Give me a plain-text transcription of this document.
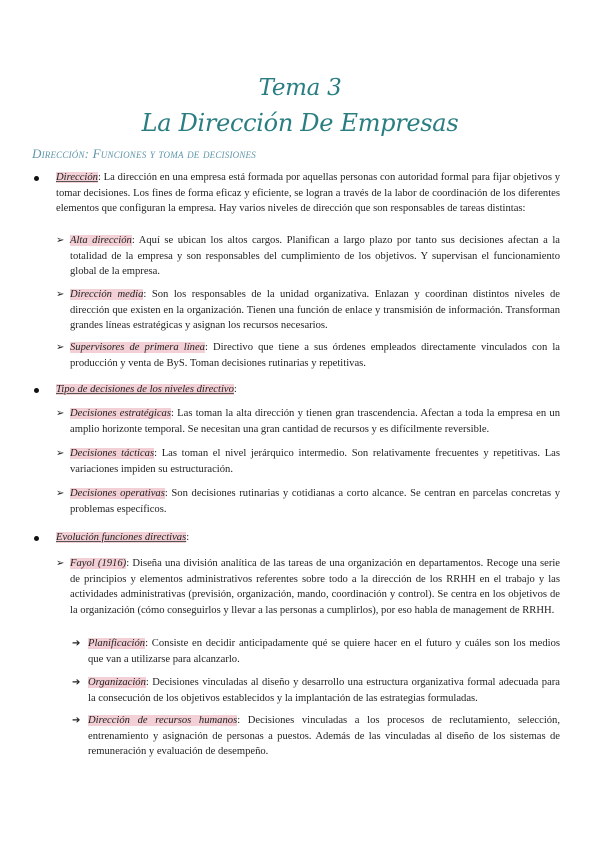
Tema 3
La Dirección De Empresas
Dirección: Funciones y toma de decisiones

Dirección: La dirección en una empresa está formada por aquellas personas con autoridad formal para fijar objetivos y tomar decisiones. Los fines de forma eficaz y eficiente, se logran a través de la labor de coordinación de los diferentes elementos que configuran la empresa. Hay varios niveles de dirección que son responsables de tareas distintas:

➢ Alta dirección: Aquí se ubican los altos cargos. Planifican a largo plazo por tanto sus decisiones afectan a la totalidad de la empresa y son responsables del cumplimiento de los objetivos. Y supervisan el funcionamiento global de la empresa.

➢ Dirección media: Son los responsables de la unidad organizativa. Enlazan y coordinan distintos niveles de dirección que existen en la organización. Tienen una función de enlace y transmisión de información. Transforman grandes líneas estratégicas y asignan los recursos necesarios.

➢ Supervisores de primera línea: Directivo que tiene a sus órdenes empleados directamente vinculados con la producción y venta de ByS. Toman decisiones rutinarias y repetitivas.

Tipo de decisiones de los niveles directivo:

➢ Decisiones estratégicas: Las toman la alta dirección y tienen gran trascendencia. Afectan a toda la empresa en un amplio horizonte temporal. Se necesitan una gran cantidad de recursos y es difícilmente reversible.

➢ Decisiones tácticas: Las toman el nivel jerárquico intermedio. Son relativamente frecuentes y repetitivas. Las variaciones impiden su estructuración.

➢ Decisiones operativas: Son decisiones rutinarias y cotidianas a corto alcance. Se centran en parcelas concretas y problemas específicos.

Evolución funciones directivas:

➢ Fayol (1916): Diseña una división analítica de las tareas de una organización en departamentos. Recoge una serie de principios y elementos administrativos referentes sobre todo a la dirección de los RRHH en el trabajo y las actividades administrativas (previsión, organización, mando, coordinación y control). Se centra en los objetivos de la organización (cómo conseguirlos y llevar a las personas a cumplirlos), por eso habla de management de RRHH.

➔ Planificación: Consiste en decidir anticipadamente qué se quiere hacer en el futuro y cuáles son los medios que van a utilizarse para alcanzarlo.

➔ Organización: Decisiones vinculadas al diseño y desarrollo una estructura organizativa formal adecuada para la consecución de los objetivos establecidos y la implantación de las estrategias formuladas.

➔ Dirección de recursos humanos: Decisiones vinculadas a los procesos de reclutamiento, selección, entrenamiento y asignación de personas a puestos. Además de las vinculadas al diseño de los sistemas de remuneración y evaluación de desempeño.
